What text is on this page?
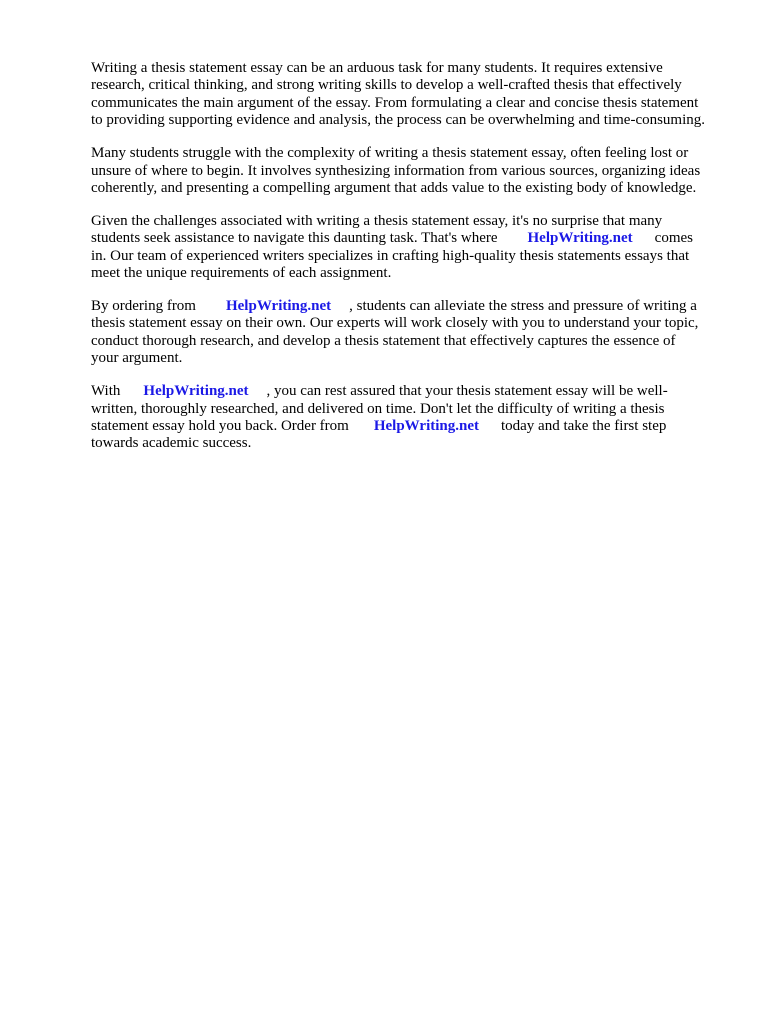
Writing a thesis statement essay can be an arduous task for many students. It requires extensive
research, critical thinking, and strong writing skills to develop a well-crafted thesis that effectively
communicates the main argument of the essay. From formulating a clear and concise thesis statement
to providing supporting evidence and analysis, the process can be overwhelming and time-consuming.
Many students struggle with the complexity of writing a thesis statement essay, often feeling lost or
unsure of where to begin. It involves synthesizing information from various sources, organizing ideas
coherently, and presenting a compelling argument that adds value to the existing body of knowledge.
Given the challenges associated with writing a thesis statement essay, it's no surprise that many
students seek assistance to navigate this daunting task. That's where HelpWriting.net comes
in. Our team of experienced writers specializes in crafting high-quality thesis statements essays that
meet the unique requirements of each assignment.
By ordering from HelpWriting.net , students can alleviate the stress and pressure of writing a
thesis statement essay on their own. Our experts will work closely with you to understand your topic,
conduct thorough research, and develop a thesis statement that effectively captures the essence of
your argument.
With HelpWriting.net , you can rest assured that your thesis statement essay will be well-
written, thoroughly researched, and delivered on time. Don't let the difficulty of writing a thesis
statement essay hold you back. Order from HelpWriting.net today and take the first step
towards academic success.
